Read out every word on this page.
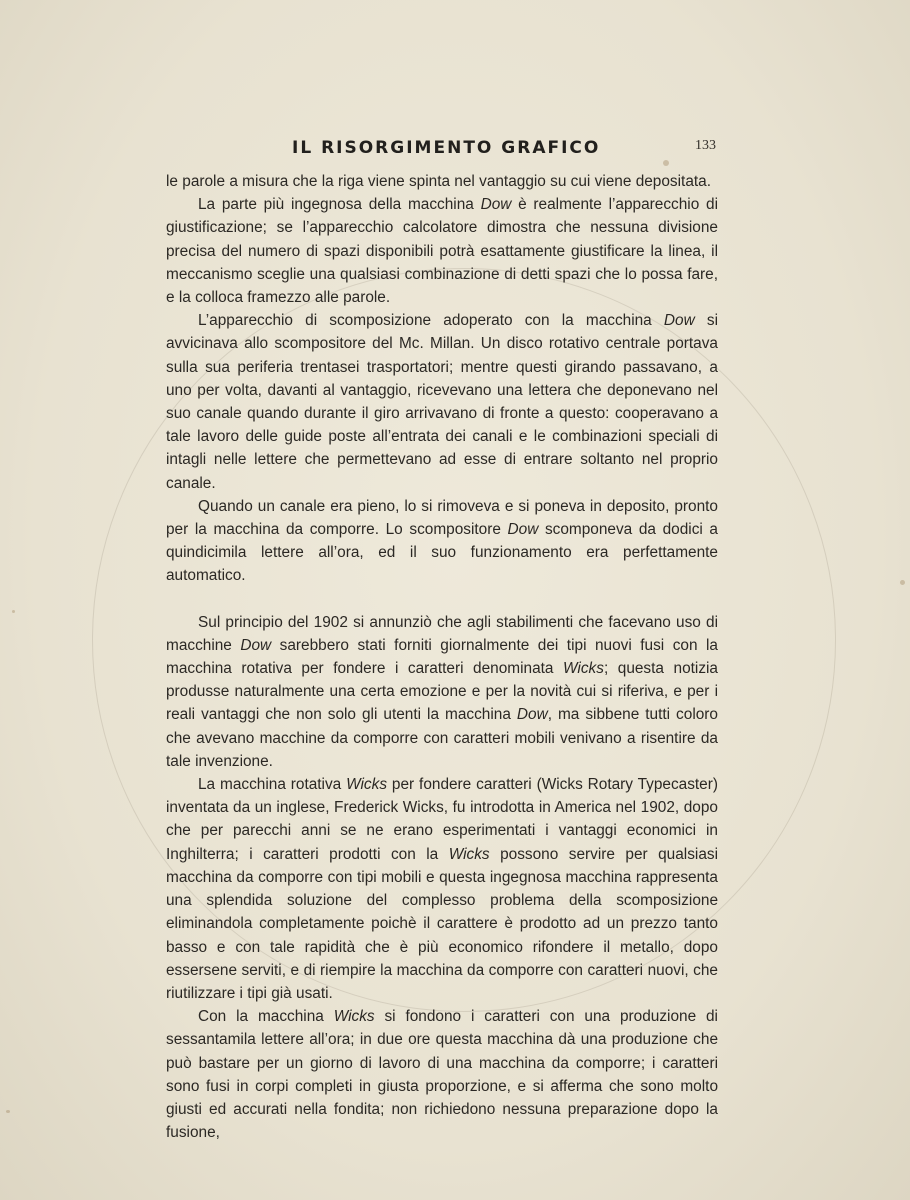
IL RISORGIMENTO GRAFICO	133

le parole a misura che la riga viene spinta nel vantaggio su cui viene depositata.

La parte più ingegnosa della macchina Dow è realmente l’apparecchio di giustificazione; se l’apparecchio calcolatore dimostra che nessuna divisione precisa del numero di spazi disponibili potrà esattamente giustificare la linea, il meccanismo sceglie una qualsiasi combinazione di detti spazi che lo possa fare, e la colloca framezzo alle parole.

L’apparecchio di scomposizione adoperato con la macchina Dow si avvicinava allo scompositore del Mc. Millan. Un disco rotativo centrale portava sulla sua periferia trentasei trasportatori; mentre questi girando passavano, a uno per volta, davanti al vantaggio, ricevevano una lettera che deponevano nel suo canale quando durante il giro arrivavano di fronte a questo: cooperavano a tale lavoro delle guide poste all’entrata dei canali e le combinazioni speciali di intagli nelle lettere che permettevano ad esse di entrare soltanto nel proprio canale.

Quando un canale era pieno, lo si rimoveva e si poneva in deposito, pronto per la macchina da comporre. Lo scompositore Dow scomponeva da dodici a quindicimila lettere all’ora, ed il suo funzionamento era perfettamente automatico.

Sul principio del 1902 si annunziò che agli stabilimenti che facevano uso di macchine Dow sarebbero stati forniti giornalmente dei tipi nuovi fusi con la macchina rotativa per fondere i caratteri denominata Wicks; questa notizia produsse naturalmente una certa emozione e per la novità cui si riferiva, e per i reali vantaggi che non solo gli utenti la macchina Dow, ma sibbene tutti coloro che avevano macchine da comporre con caratteri mobili venivano a risentire da tale invenzione.

La macchina rotativa Wicks per fondere caratteri (Wicks Rotary Typecaster) inventata da un inglese, Frederick Wicks, fu introdotta in America nel 1902, dopo che per parecchi anni se ne erano esperimentati i vantaggi economici in Inghilterra; i caratteri prodotti con la Wicks possono servire per qualsiasi macchina da comporre con tipi mobili e questa ingegnosa macchina rappresenta una splendida soluzione del complesso problema della scomposizione eliminandola completamente poichè il carattere è prodotto ad un prezzo tanto basso e con tale rapidità che è più economico rifondere il metallo, dopo essersene serviti, e di riempire la macchina da comporre con caratteri nuovi, che riutilizzare i tipi già usati.

Con la macchina Wicks si fondono i caratteri con una produzione di sessantamila lettere all’ora; in due ore questa macchina dà una produzione che può bastare per un giorno di lavoro di una macchina da comporre; i caratteri sono fusi in corpi completi in giusta proporzione, e si afferma che sono molto giusti ed accurati nella fondita; non richiedono nessuna preparazione dopo la fusione,
